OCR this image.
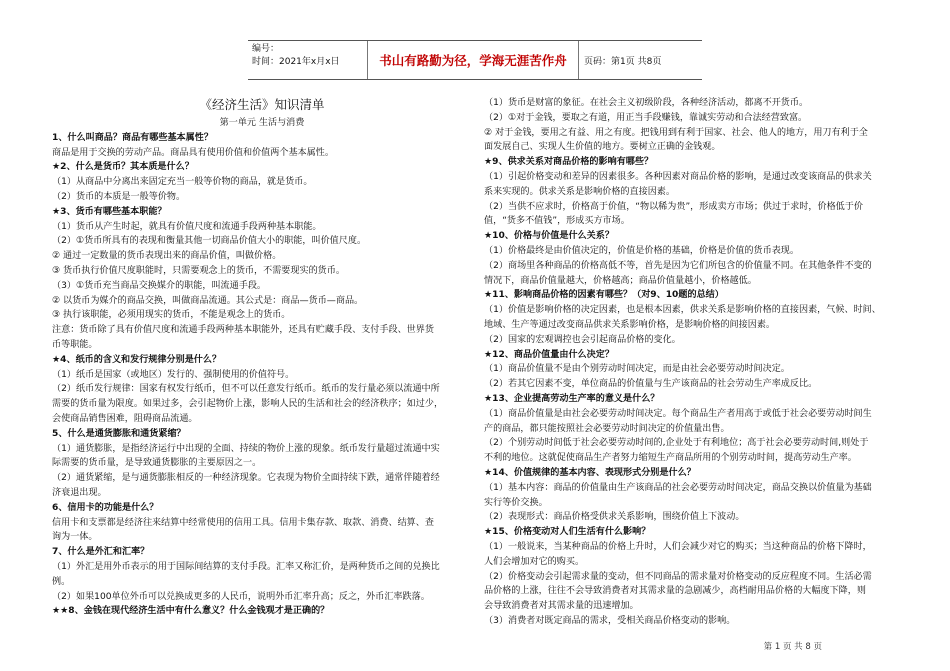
编号：
时间：2021年x月x日	书山有路勤为径，学海无涯苦作舟	页码：第1页 共8页

《经济生活》知识清单

第一单元 生活与消费

1、什么叫商品？商品有哪些基本属性？

商品是用于交换的劳动产品。商品具有使用价值和价值两个基本属性。

★2、什么是货币？其本质是什么？

（1）从商品中分离出来固定充当一般等价物的商品，就是货币。

（2）货币的本质是一般等价物。

★3、货币有哪些基本职能？

（1）货币从产生时起，就具有价值尺度和流通手段两种基本职能。

（2）①货币所具有的表现和衡量其他一切商品价值大小的职能，叫价值尺度。

② 通过一定数量的货币表现出来的商品价值，叫做价格。

③ 货币执行价值尺度职能时，只需要观念上的货币，不需要现实的货币。

（3）①货币充当商品交换媒介的职能，叫流通手段。

② 以货币为媒介的商品交换，叫做商品流通。其公式是：商品—货币—商品。

③ 执行该职能，必须用现实的货币，不能是观念上的货币。

注意：货币除了具有价值尺度和流通手段两种基本职能外，还具有贮藏手段、支付手段、世界货

币等职能。

★4、纸币的含义和发行规律分别是什么？

（1）纸币是国家（或地区）发行的、强制使用的价值符号。

（2）纸币发行规律：国家有权发行纸币，但不可以任意发行纸币。纸币的发行量必须以流通中所

需要的货币量为限度。如果过多，会引起物价上涨，影响人民的生活和社会的经济秩序；如过少，

会使商品销售困难，阻碍商品流通。

5、什么是通货膨胀和通货紧缩？

（1）通货膨胀，是指经济运行中出现的全面、持续的物价上涨的现象。纸币发行量超过流通中实

际需要的货币量，是导致通货膨胀的主要原因之一。

（2）通货紧缩，是与通货膨胀相反的一种经济现象。它表现为物价全面持续下跌，通常伴随着经

济衰退出现。

6、信用卡的功能是什么？

信用卡和支票都是经济往来结算中经常使用的信用工具。信用卡集存款、取款、消费、结算、查

询为一体。

7、什么是外汇和汇率？

（1）外汇是用外币表示的用于国际间结算的支付手段。汇率又称汇价，是两种货币之间的兑换比

例。

（2）如果100单位外币可以兑换成更多的人民币，说明外币汇率升高；反之，外币汇率跌落。

★★8、金钱在现代经济生活中有什么意义？什么金钱观才是正确的？

（1）货币是财富的象征。在社会主义初级阶段，各种经济活动，都离不开货币。

（2）①对于金钱，要取之有道，用正当手段赚钱，靠诚实劳动和合法经营致富。

② 对于金钱，要用之有益、用之有度。把钱用到有利于国家、社会、他人的地方，用刀有利于全

面发展自己、实现人生价值的地方。要树立正确的金钱观。

★9、供求关系对商品价格的影响有哪些？

（1）引起价格变动和差异的因素很多。各种因素对商品价格的影响，是通过改变该商品的供求关

系来实现的。供求关系是影响价格的直接因素。

（2）当供不应求时，价格高于价值，“物以稀为贵”，形成卖方市场；供过于求时，价格低于价

值，“货多不值钱”，形成买方市场。

★10、价格与价值是什么关系？

（1）价格最终是由价值决定的，价值是价格的基础，价格是价值的货币表现。

（2）商场里各种商品的价格高低不等，首先是因为它们所包含的价值量不同。在其他条件不变的

情况下，商品价值量越大，价格越高；商品价值量越小，价格越低。

★11、影响商品价格的因素有哪些？（对9、10题的总结）

（1）价值是影响价格的决定因素，也是根本因素，供求关系是影响价格的直接因素，气候、时间、

地域、生产等通过改变商品供求关系影响价格，是影响价格的间接因素。

（2）国家的宏观调控也会引起商品价格的变化。

★12、商品价值量由什么决定？

（1）商品价值量不是由个别劳动时间决定，而是由社会必要劳动时间决定。

（2）若其它因素不变，单位商品的价值量与生产该商品的社会劳动生产率成反比。

★13、企业提高劳动生产率的意义是什么？

（1）商品价值量是由社会必要劳动时间决定。每个商品生产者用高于或低于社会必要劳动时间生

产的商品，都只能按照社会必要劳动时间决定的价值量出售。

（2）个别劳动时间低于社会必要劳动时间的,企业处于有利地位；高于社会必要劳动时间,则处于

不利的地位。这就促使商品生产者努力缩短生产商品所用的个别劳动时间，提高劳动生产率。

★14、价值规律的基本内容、表现形式分别是什么？

（1）基本内容：商品的价值量由生产该商品的社会必要劳动时间决定，商品交换以价值量为基础

实行等价交换。

（2）表现形式：商品价格受供求关系影响，围绕价值上下波动。

★15、价格变动对人们生活有什么影响？

（1）一般说来，当某种商品的价格上升时，人们会减少对它的购买；当这种商品的价格下降时，

人们会增加对它的购买。

（2）价格变动会引起需求量的变动，但不同商品的需求量对价格变动的反应程度不同。生活必需

品价格的上涨，往往不会导致消费者对其需求量的急剧减少，高档耐用品价格的大幅度下降，则

会导致消费者对其需求量的迅速增加。

（3）消费者对既定商品的需求，受相关商品价格变动的影响。

第 1 页 共 8 页
